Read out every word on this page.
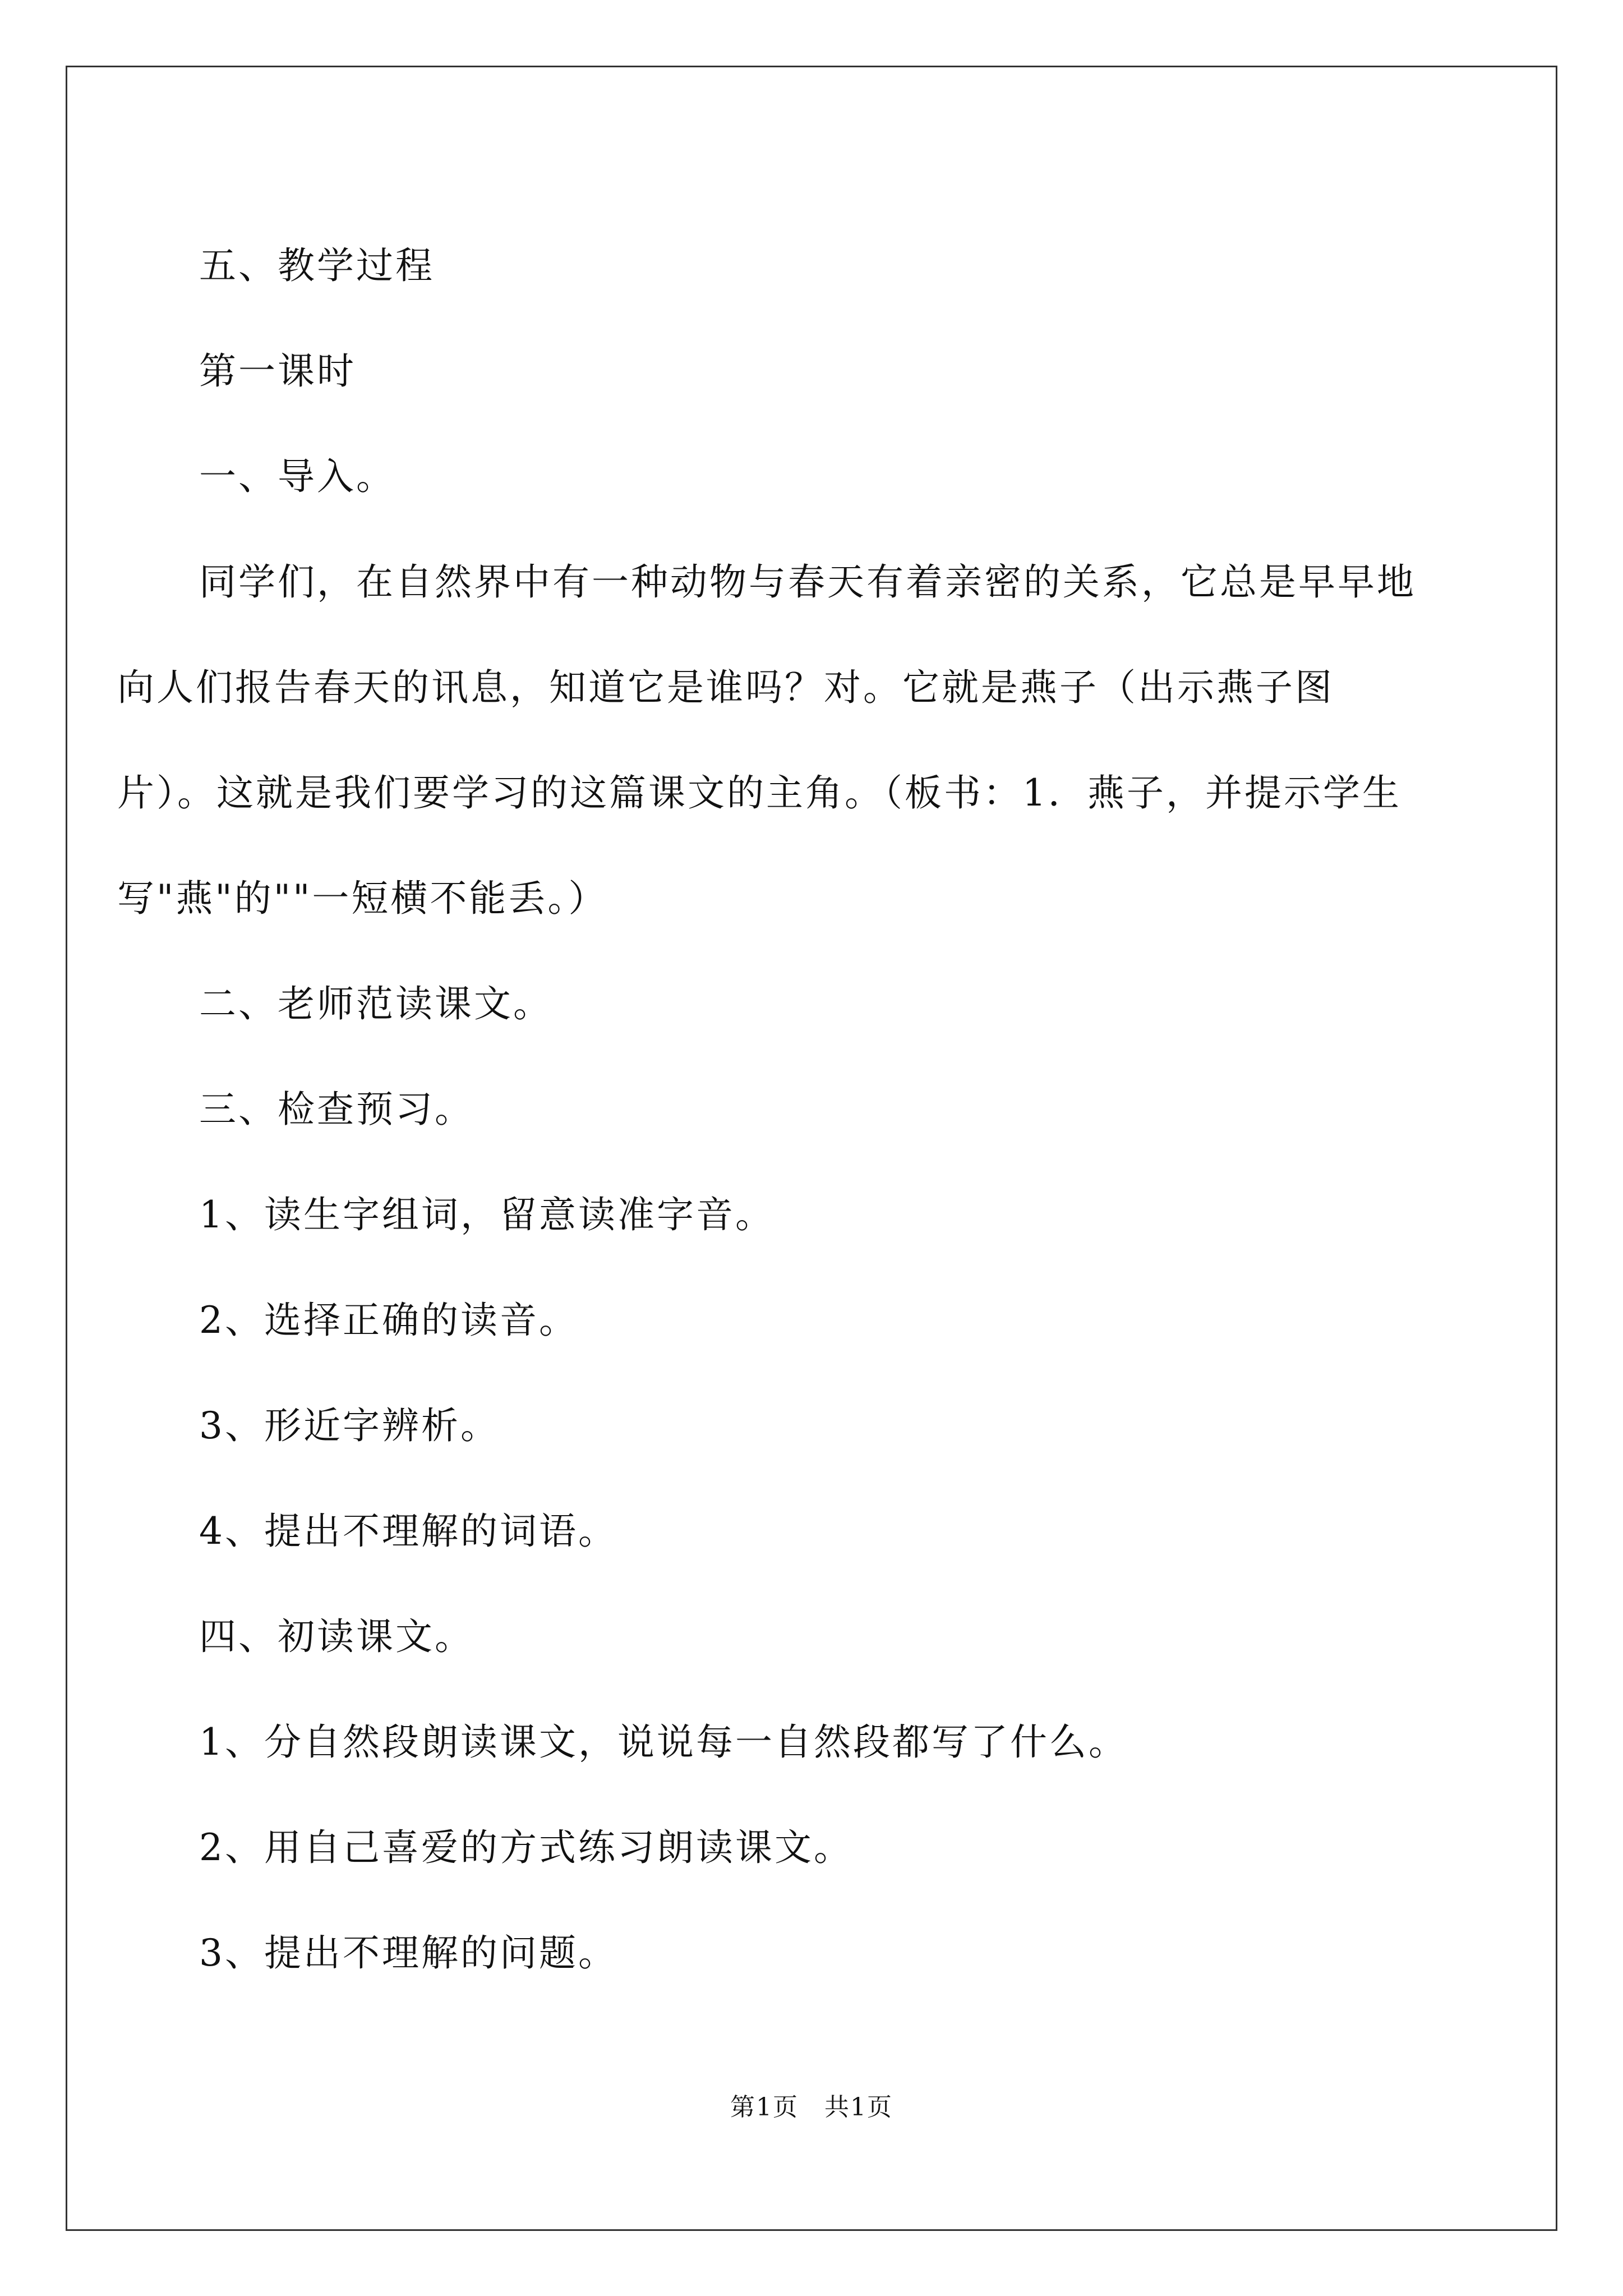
五、教学过程

第一课时

一、导入。

同学们，在自然界中有一种动物与春天有着亲密的关系，它总是早早地向人们报告春天的讯息，知道它是谁吗？对。它就是燕子（出示燕子图片）。这就是我们要学习的这篇课文的主角。（板书：1．燕子，并提示学生写"燕"的""一短横不能丢。）

二、老师范读课文。

三、检查预习。

1、读生字组词，留意读准字音。

2、选择正确的读音。

3、形近字辨析。

4、提出不理解的词语。

四、初读课文。

1、分自然段朗读课文，说说每一自然段都写了什么。

2、用自己喜爱的方式练习朗读课文。

3、提出不理解的问题。

第1页　共1页
